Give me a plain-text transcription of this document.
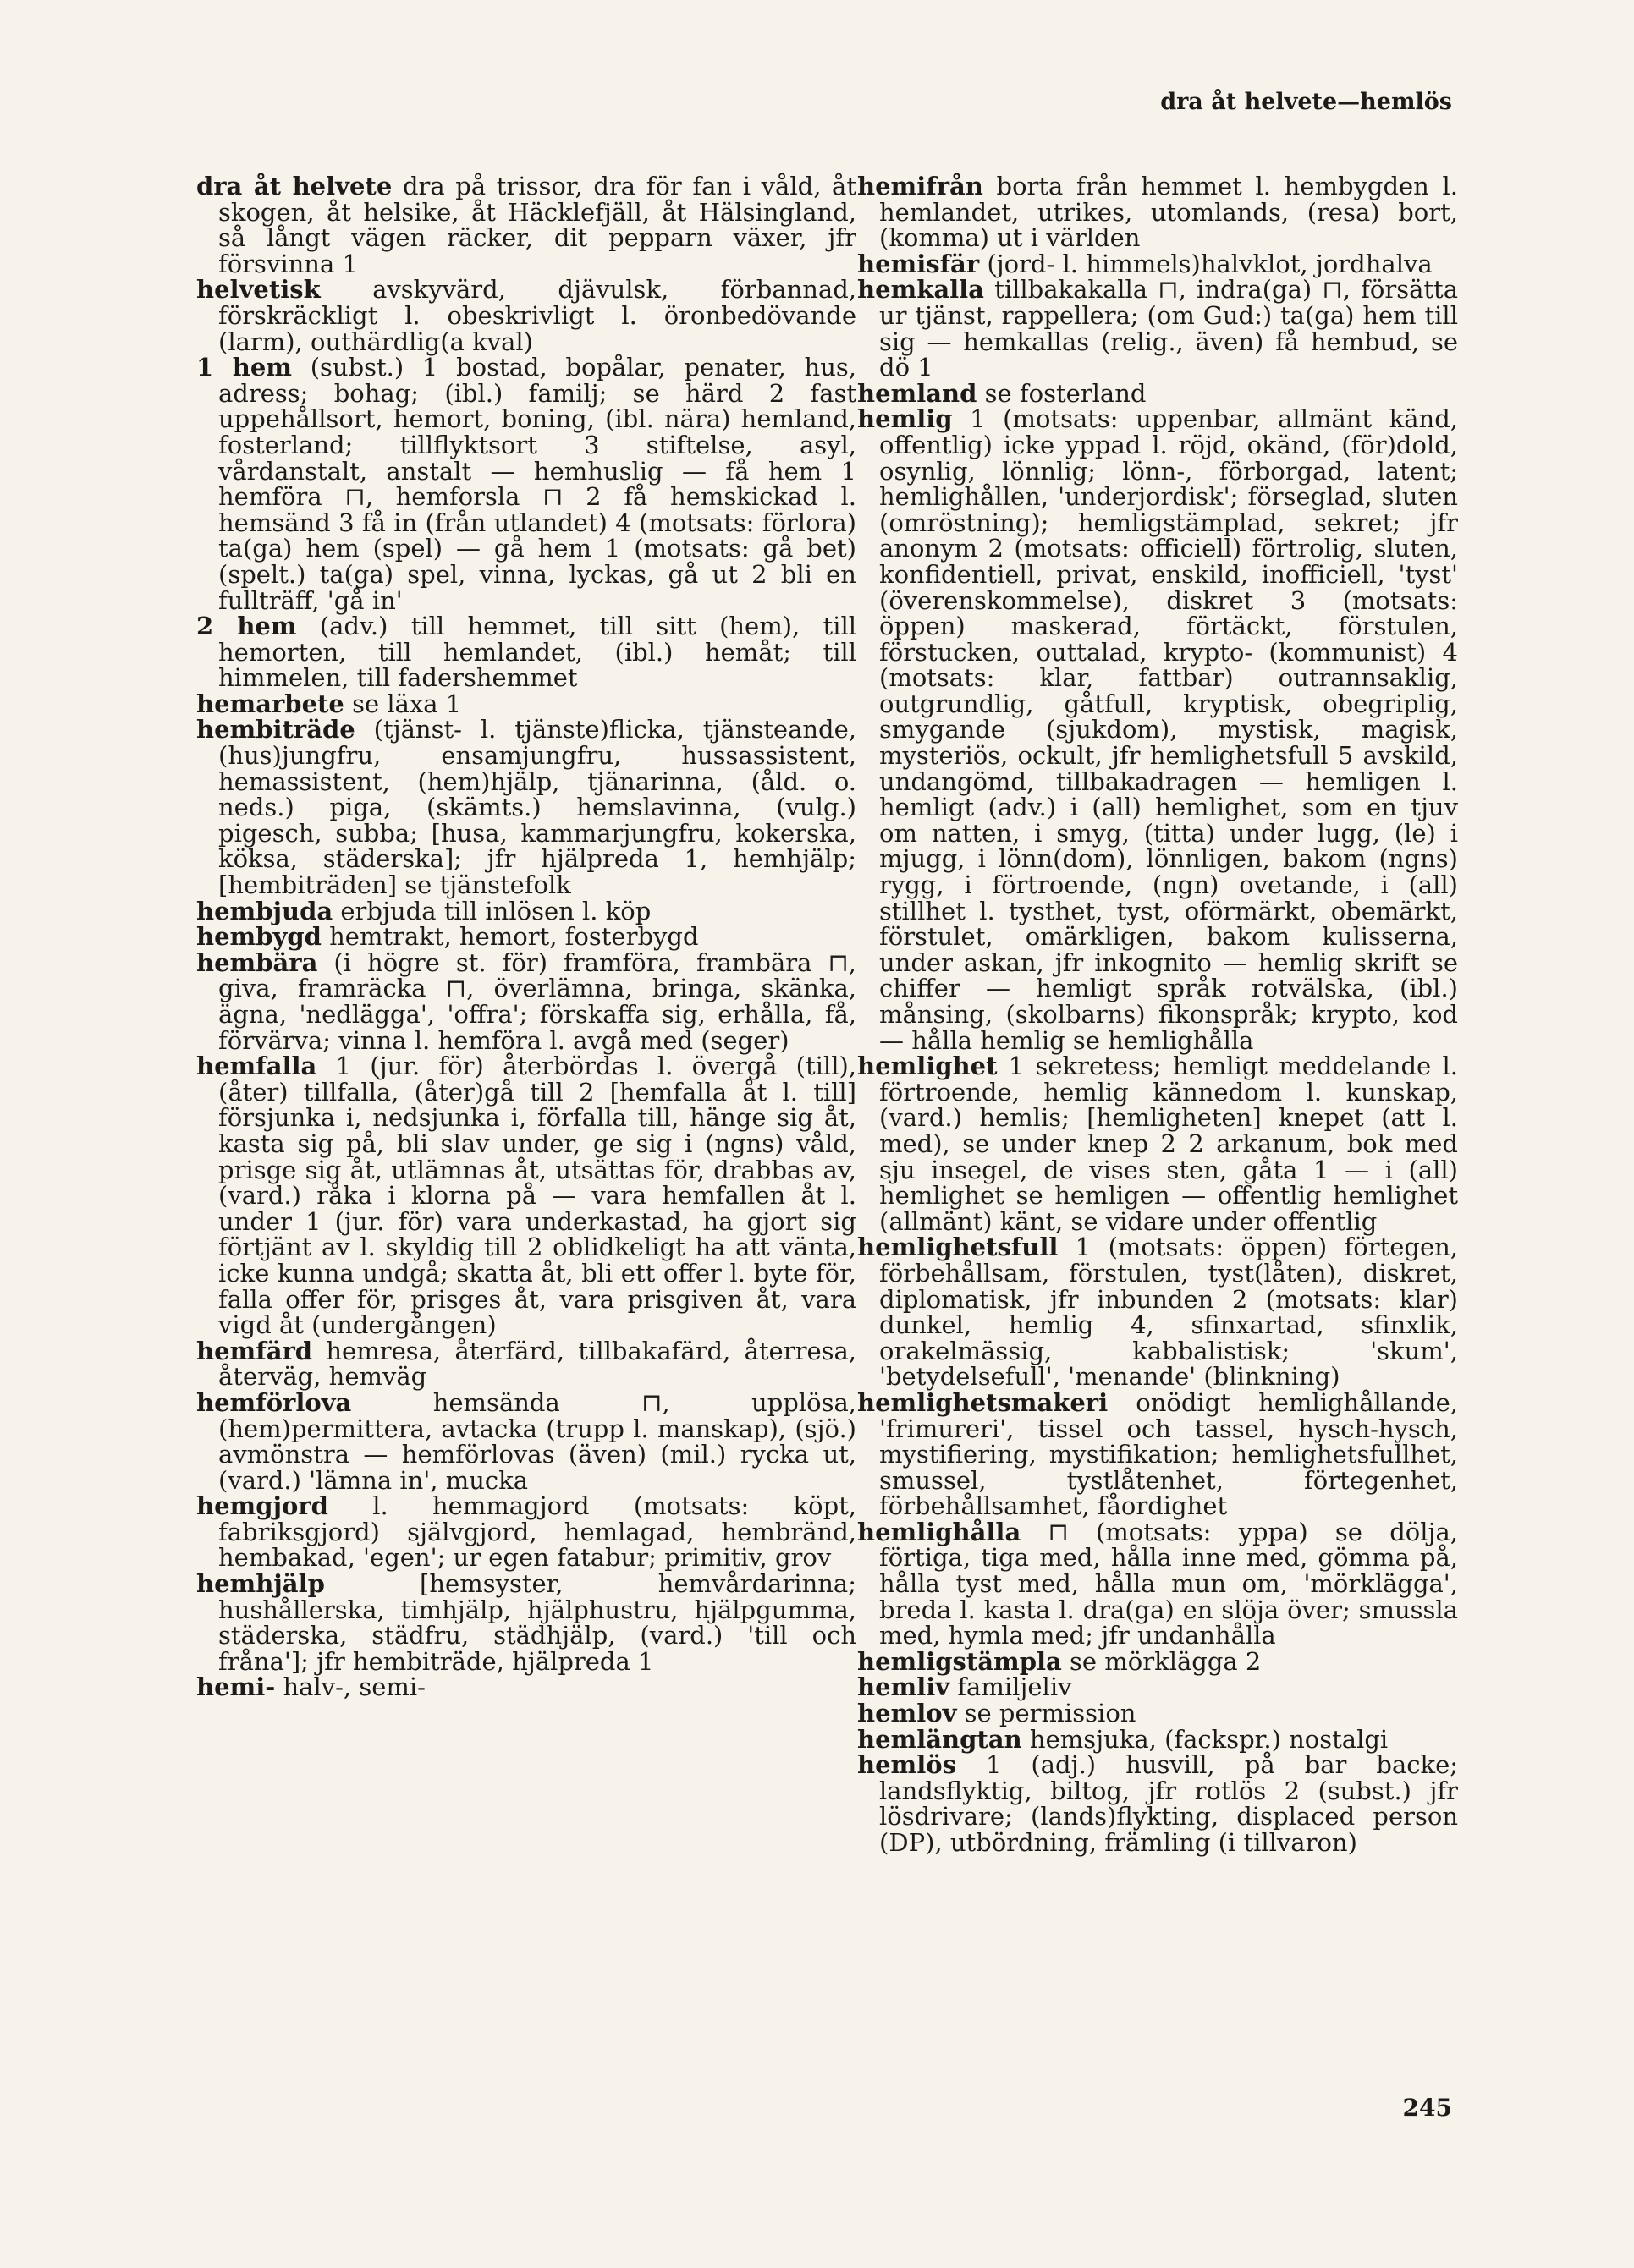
dra åt helvete—hemlös

dra åt helvete dra på trissor, dra för fan i våld, åt skogen, åt helsike, åt Häcklefjäll, åt Hälsingland, så långt vägen räcker, dit pepparn växer, jfr försvinna 1

helvetisk avskyvärd, djävulsk, förbannad, förskräckligt l. obeskrivligt l. öronbedövande (larm), outhärdlig(a kval)

1 hem (subst.) 1 bostad, bopålar, penater, hus, adress; bohag; (ibl.) familj; se härd 2 fast uppehållsort, hemort, boning, (ibl. nära) hemland, fosterland; tillflyktsort 3 stiftelse, asyl, vårdanstalt, anstalt — hemhuslig — få hem 1 hemföra ⊓, hemforsla ⊓ 2 få hemskickad l. hemsänd 3 få in (från utlandet) 4 (motsats: förlora) ta(ga) hem (spel) — gå hem 1 (motsats: gå bet) (spelt.) ta(ga) spel, vinna, lyckas, gå ut 2 bli en fullträff, 'gå in'

2 hem (adv.) till hemmet, till sitt (hem), till hemorten, till hemlandet, (ibl.) hemåt; till himmelen, till fadershemmet

hemarbete se läxa 1

hembiträde (tjänst- l. tjänste)flicka, tjänsteande, (hus)jungfru, ensamjungfru, hussassistent, hemassistent, (hem)hjälp, tjänarinna, (åld. o. neds.) piga, (skämts.) hemslavinna, (vulg.) pigesch, subba; [husa, kammarjungfru, kokerska, köksa, städerska]; jfr hjälpreda 1, hemhjälp; [hembiträden] se tjänstefolk

hembjuda erbjuda till inlösen l. köp

hembygd hemtrakt, hemort, fosterbygd

hembära (i högre st. för) framföra, frambära ⊓, giva, framräcka ⊓, överlämna, bringa, skänka, ägna, 'nedlägga', 'offra'; förskaffa sig, erhålla, få, förvärva; vinna l. hemföra l. avgå med (seger)

hemfalla 1 (jur. för) återbördas l. övergå (till), (åter) tillfalla, (åter)gå till 2 [hemfalla åt l. till] försjunka i, nedsjunka i, förfalla till, hänge sig åt, kasta sig på, bli slav under, ge sig i (ngns) våld, prisge sig åt, utlämnas åt, utsättas för, drabbas av, (vard.) råka i klorna på — vara hemfallen åt l. under 1 (jur. för) vara underkastad, ha gjort sig förtjänt av l. skyldig till 2 oblidkeligt ha att vänta, icke kunna undgå; skatta åt, bli ett offer l. byte för, falla offer för, prisges åt, vara prisgiven åt, vara vigd åt (undergången)

hemfärd hemresa, återfärd, tillbakafärd, återresa, återväg, hemväg

hemförlova	hemsända ⊓, upplösa, (hem)permittera, avtacka (trupp l. manskap), (sjö.) avmönstra — hemförlovas (även) (mil.) rycka ut, (vard.) 'lämna in', mucka

hemgjord l. hemmagjord (motsats: köpt, fabriksgjord) självgjord, hemlagad, hembränd, hembakad, 'egen'; ur egen fatabur; primitiv, grov

hemhjälp	[hemsyster, hemvårdarinna; hushållerska, timhjälp, hjälphustru, hjälpgumma, städerska, städfru, städhjälp, (vard.) 'till och fråna']; jfr hembiträde, hjälpreda 1

hemi- halv-, semi-

hemifrån borta från hemmet l. hembygden l. hemlandet, utrikes, utomlands, (resa) bort, (komma) ut i världen

hemisfär (jord- l. himmels)halvklot, jordhalva

hemkalla tillbakakalla ⊓, indra(ga) ⊓, försätta ur tjänst, rappellera; (om Gud:) ta(ga) hem till sig — hemkallas (relig., även) få hembud, se dö 1

hemland se fosterland

hemlig 1 (motsats: uppenbar, allmänt känd, offentlig) icke yppad l. röjd, okänd, (för)dold, osynlig, lönnlig; lönn-, förborgad, latent; hemlighållen, 'underjordisk'; förseglad, sluten (omröstning); hemligstämplad, sekret; jfr anonym 2 (motsats: officiell) förtrolig, sluten, konfidentiell, privat, enskild, inofficiell, 'tyst' (överenskommelse), diskret 3 (motsats: öppen) maskerad, förtäckt, förstulen, förstucken, outtalad, krypto- (kommunist) 4 (motsats: klar, fattbar) outrannsaklig, outgrundlig, gåtfull, kryptisk, obegriplig, smygande (sjukdom), mystisk, magisk, mysteriös, ockult, jfr hemlighetsfull 5 avskild, undangömd, tillbakadragen — hemligen l. hemligt (adv.) i (all) hemlighet, som en tjuv om natten, i smyg, (titta) under lugg, (le) i mjugg, i lönn(dom), lönnligen, bakom (ngns) rygg, i förtroende, (ngn) ovetande, i (all) stillhet l. tysthet, tyst, oförmärkt, obemärkt, förstulet, omärkligen, bakom kulisserna, under askan, jfr inkognito — hemlig skrift se chiffer — hemligt språk rotvälska, (ibl.) månsing, (skolbarns) fikonspråk; krypto, kod — hålla hemlig se hemlighålla

hemlighet 1 sekretess; hemligt meddelande l. förtroende, hemlig kännedom l. kunskap, (vard.) hemlis; [hemligheten] knepet (att l. med), se under knep 2 2 arkanum, bok med sju insegel, de vises sten, gåta 1 — i (all) hemlighet se hemligen — offentlig hemlighet (allmänt) känt, se vidare under offentlig

hemlighetsfull 1 (motsats: öppen) förtegen, förbehållsam, förstulen, tyst(låten), diskret, diplomatisk, jfr inbunden 2 (motsats: klar) dunkel, hemlig 4, sfinxartad, sfinxlik, orakelmässig, kabbalistisk; 'skum', 'betydelsefull', 'menande' (blinkning)

hemlighetsmakeri onödigt hemlighållande, 'frimureri', tissel och tassel, hysch-hysch, mystifiering, mystifikation; hemlighetsfullhet, smussel, tystlåtenhet, förtegenhet, förbehållsamhet, fåordighet

hemlighålla ⊓ (motsats: yppa) se dölja, förtiga, tiga med, hålla inne med, gömma på, hålla tyst med, hålla mun om, 'mörklägga', breda l. kasta l. dra(ga) en slöja över; smussla med, hymla med; jfr undanhålla

hemligstämpla se mörklägga 2

hemliv familjeliv

hemlov se permission

hemlängtan hemsjuka, (fackspr.) nostalgi

hemlös 1 (adj.) husvill, på bar backe; landsflyktig, biltog, jfr rotlös 2 (subst.) jfr lösdrivare; (lands)flykting, displaced person (DP), utbördning, främling (i tillvaron)

245
